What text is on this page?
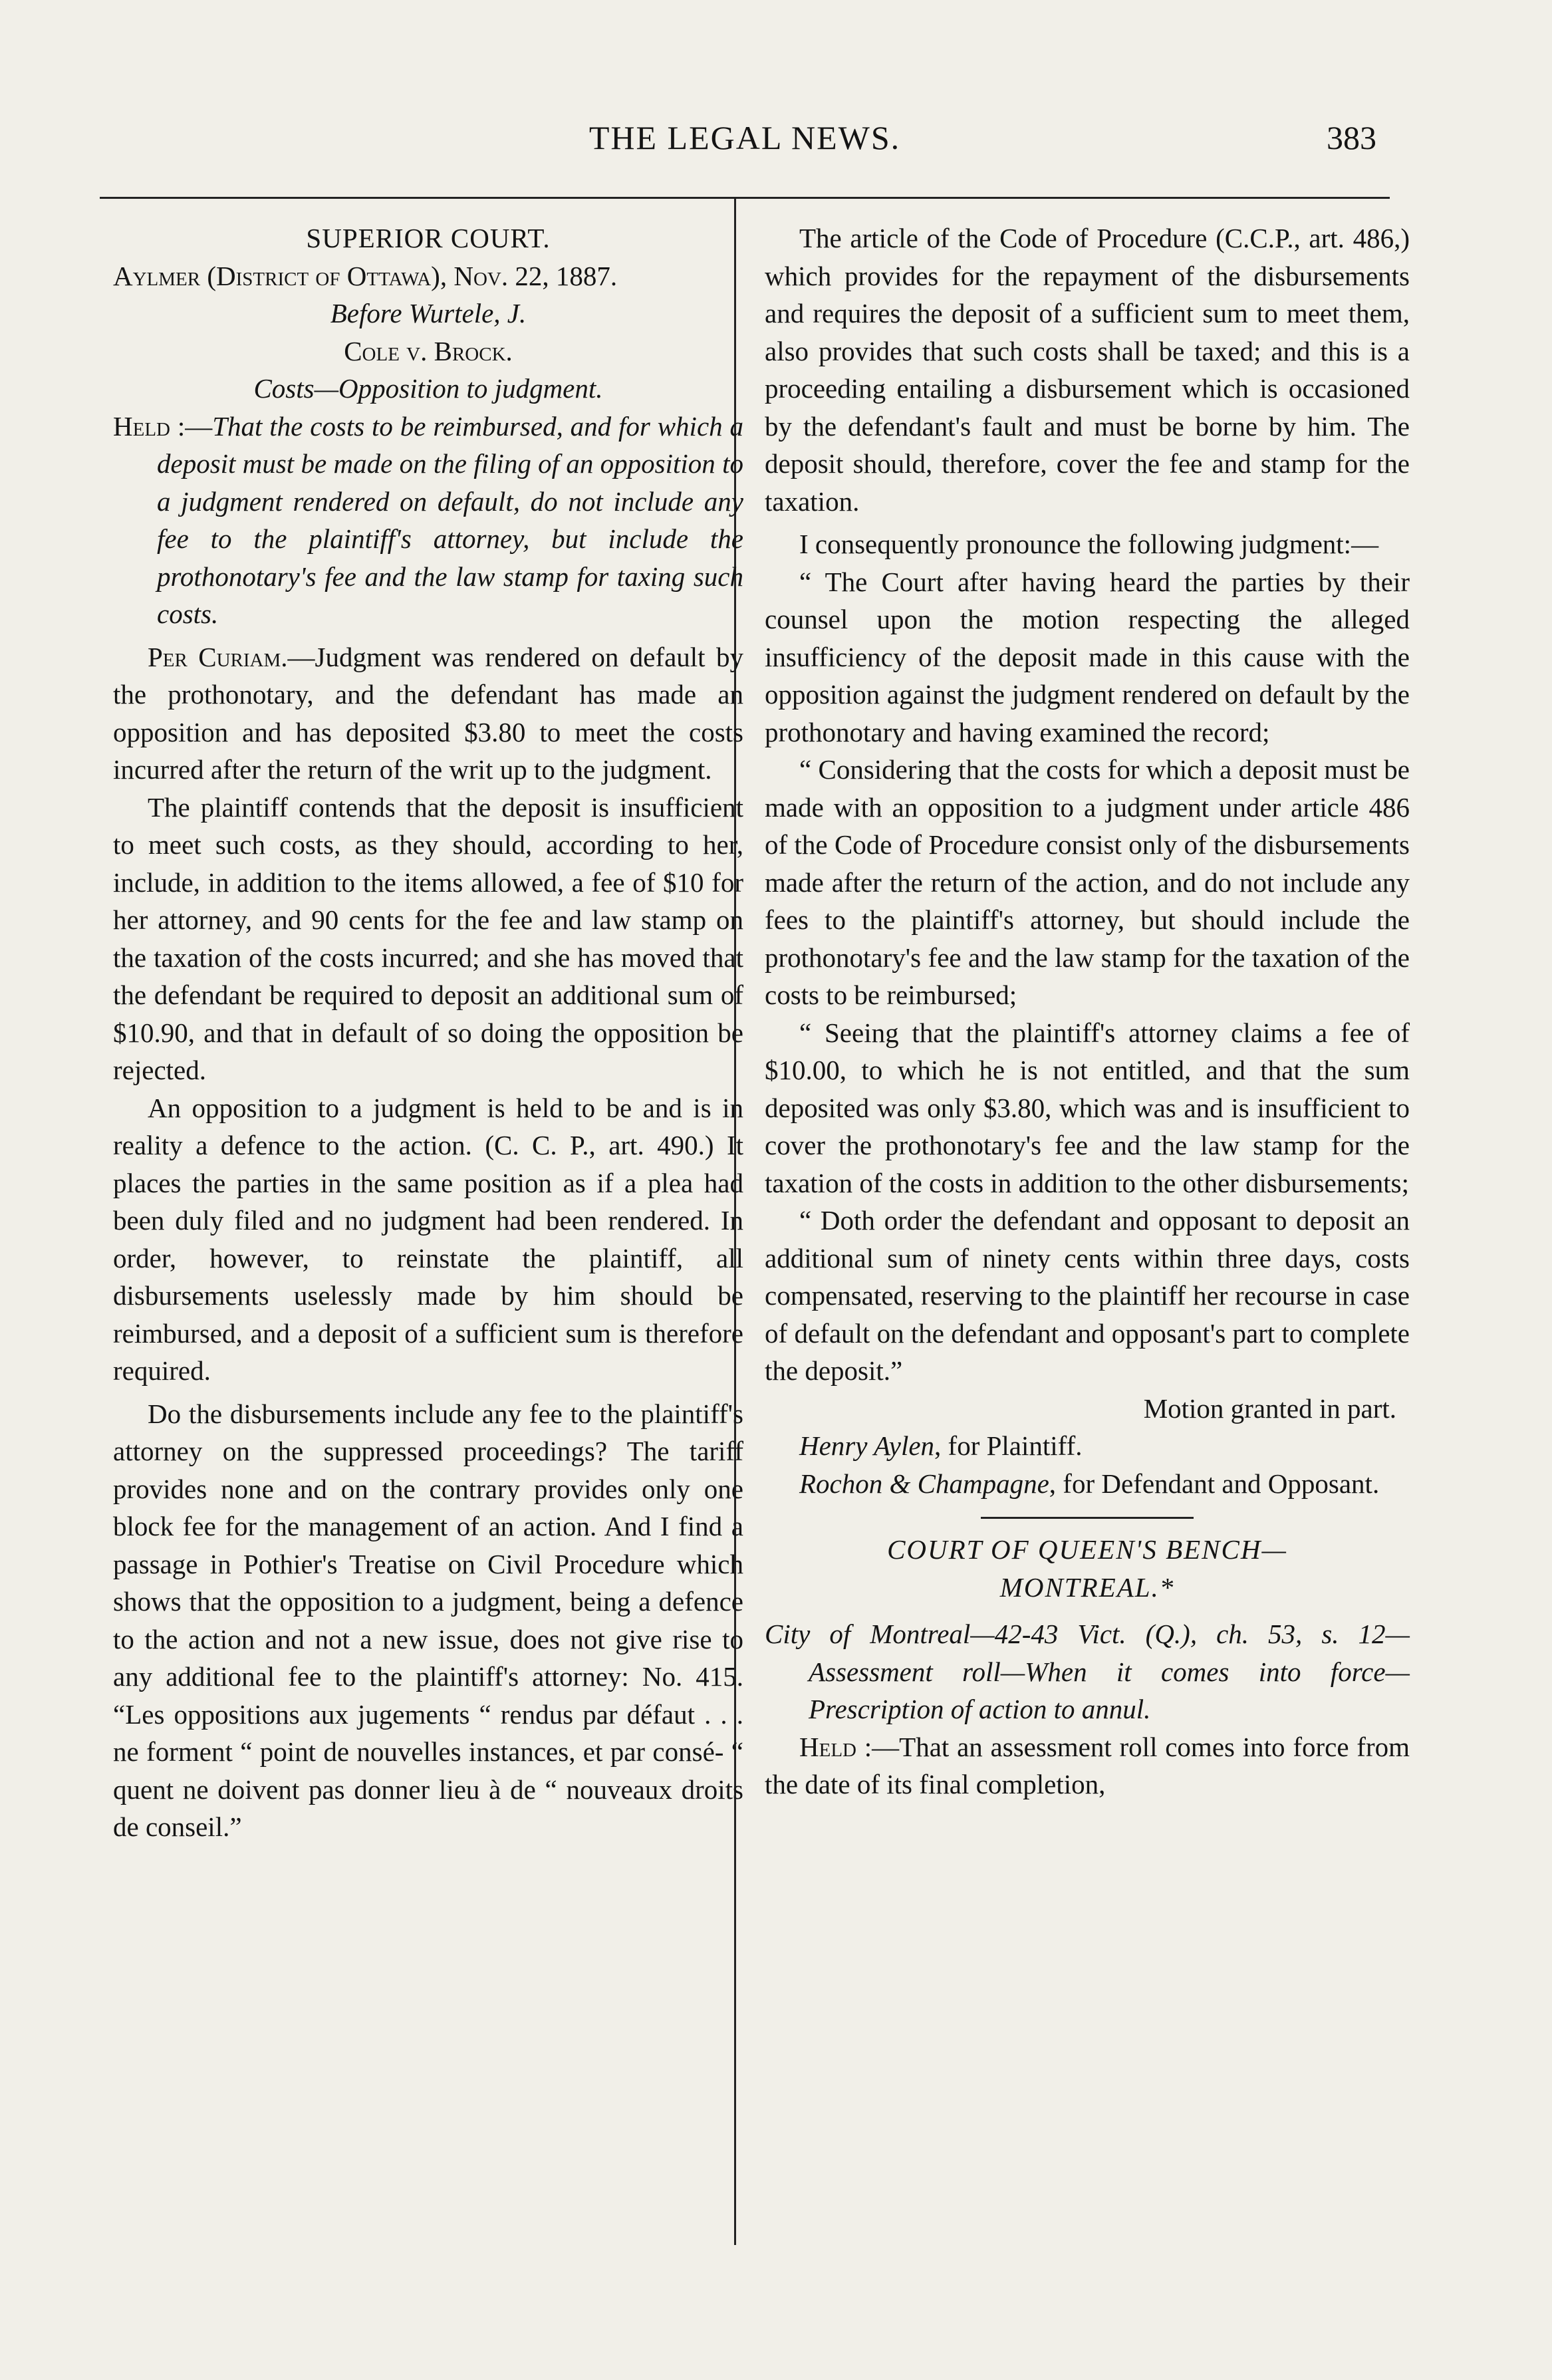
THE LEGAL NEWS.	383

SUPERIOR COURT.

Aylmer (District of Ottawa), Nov. 22, 1887.

Before Wurtele, J.

Cole v. Brock.

Costs—Opposition to judgment.

Held :—That the costs to be reimbursed, and for which a deposit must be made on the filing of an opposition to a judgment rendered on default, do not include any fee to the plaintiff's attorney, but include the prothonotary's fee and the law stamp for taxing such costs.

Per Curiam.—Judgment was rendered on default by the prothonotary, and the defendant has made an opposition and has deposited $3.80 to meet the costs incurred after the return of the writ up to the judgment.

The plaintiff contends that the deposit is insufficient to meet such costs, as they should, according to her, include, in addition to the items allowed, a fee of $10 for her attorney, and 90 cents for the fee and law stamp on the taxation of the costs incurred; and she has moved that the defendant be required to deposit an additional sum of $10.90, and that in default of so doing the opposition be rejected.

An opposition to a judgment is held to be and is in reality a defence to the action. (C. C. P., art. 490.) It places the parties in the same position as if a plea had been duly filed and no judgment had been rendered. In order, however, to reinstate the plaintiff, all disbursements uselessly made by him should be reimbursed, and a deposit of a sufficient sum is therefore required.

Do the disbursements include any fee to the plaintiff's attorney on the suppressed proceedings? The tariff provides none and on the contrary provides only one block fee for the management of an action. And I find a passage in Pothier's Treatise on Civil Procedure which shows that the opposition to a judgment, being a defence to the action and not a new issue, does not give rise to any additional fee to the plaintiff's attorney: No. 415. “Les oppositions aux jugements “ rendus par défaut . . . ne forment “ point de nouvelles instances, et par consé- “ quent ne doivent pas donner lieu à de “ nouveaux droits de conseil.”

The article of the Code of Procedure (C.C.P., art. 486,) which provides for the repayment of the disbursements and requires the deposit of a sufficient sum to meet them, also provides that such costs shall be taxed; and this is a proceeding entailing a disbursement which is occasioned by the defendant's fault and must be borne by him. The deposit should, therefore, cover the fee and stamp for the taxation.

I consequently pronounce the following judgment:—

“ The Court after having heard the parties by their counsel upon the motion respecting the alleged insufficiency of the deposit made in this cause with the opposition against the judgment rendered on default by the prothonotary and having examined the record;

“ Considering that the costs for which a deposit must be made with an opposition to a judgment under article 486 of the Code of Procedure consist only of the disbursements made after the return of the action, and do not include any fees to the plaintiff's attorney, but should include the prothonotary's fee and the law stamp for the taxation of the costs to be reimbursed;

“ Seeing that the plaintiff's attorney claims a fee of $10.00, to which he is not entitled, and that the sum deposited was only $3.80, which was and is insufficient to cover the prothonotary's fee and the law stamp for the taxation of the costs in addition to the other disbursements;

“ Doth order the defendant and opposant to deposit an additional sum of ninety cents within three days, costs compensated, reserving to the plaintiff her recourse in case of default on the defendant and opposant's part to complete the deposit.”

Motion granted in part.

Henry Aylen, for Plaintiff.

Rochon & Champagne, for Defendant and Opposant.

COURT OF QUEEN'S BENCH—

MONTREAL.*

City of Montreal—42-43 Vict. (Q.), ch. 53, s. 12—Assessment roll—When it comes into force—Prescription of action to annul.

Held :—That an assessment roll comes into force from the date of its final completion,
